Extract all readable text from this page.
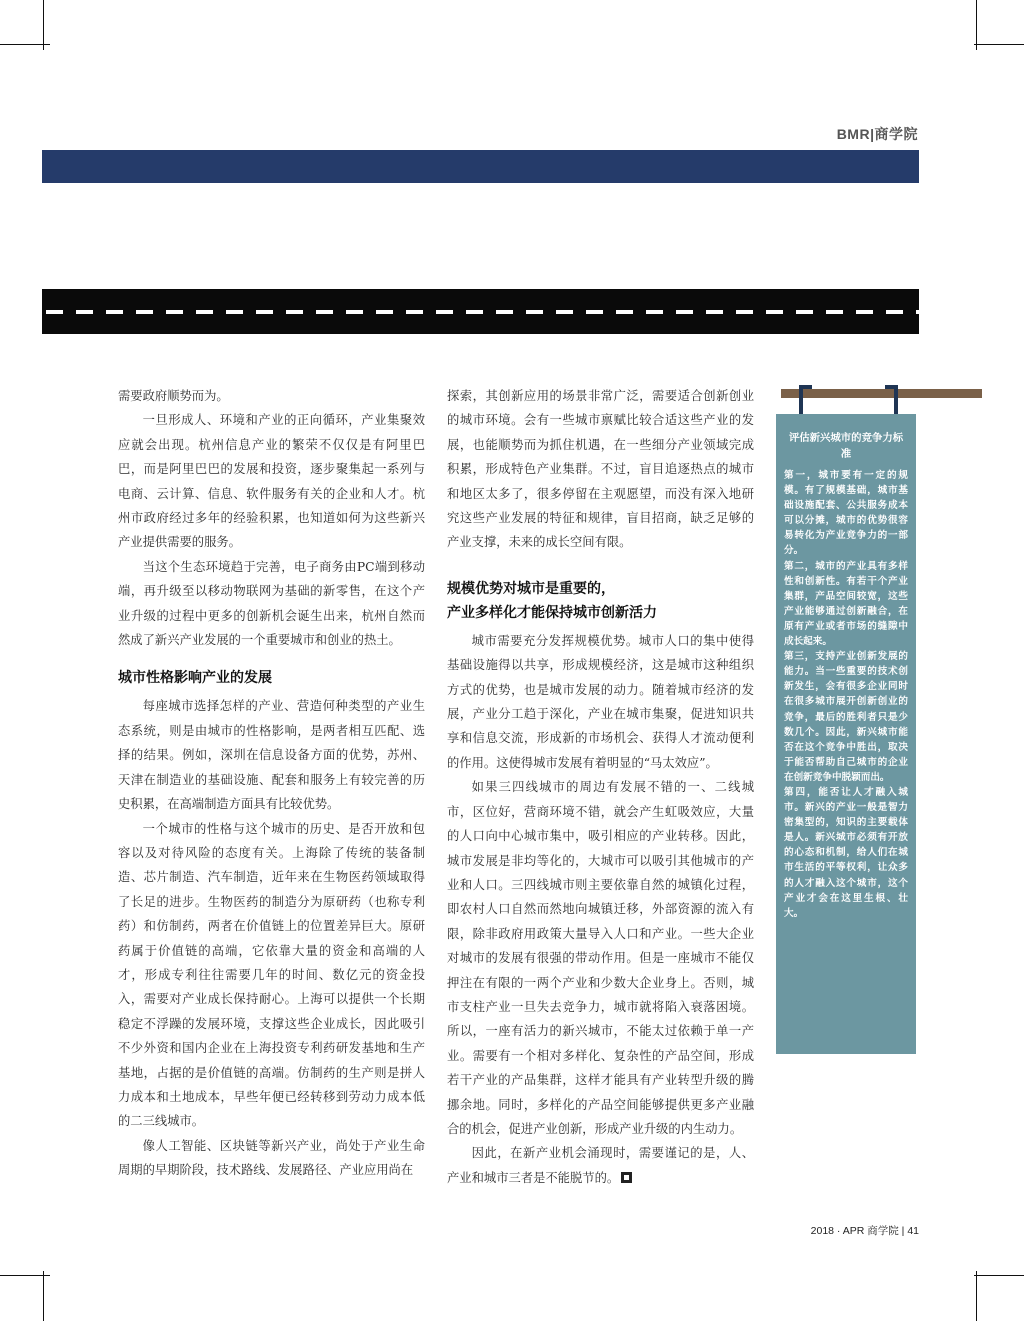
BMR|商学院

需要政府顺势而为。

一旦形成人、环境和产业的正向循环，产业集聚效应就会出现。杭州信息产业的繁荣不仅仅是有阿里巴巴，而是阿里巴巴的发展和投资，逐步聚集起一系列与电商、云计算、信息、软件服务有关的企业和人才。杭州市政府经过多年的经验积累，也知道如何为这些新兴产业提供需要的服务。

当这个生态环境趋于完善，电子商务由PC端到移动端，再升级至以移动物联网为基础的新零售，在这个产业升级的过程中更多的创新机会诞生出来，杭州自然而然成了新兴产业发展的一个重要城市和创业的热土。

城市性格影响产业的发展

每座城市选择怎样的产业、营造何种类型的产业生态系统，则是由城市的性格影响，是两者相互匹配、选择的结果。例如，深圳在信息设备方面的优势，苏州、天津在制造业的基础设施、配套和服务上有较完善的历史积累，在高端制造方面具有比较优势。

一个城市的性格与这个城市的历史、是否开放和包容以及对待风险的态度有关。上海除了传统的装备制造、芯片制造、汽车制造，近年来在生物医药领域取得了长足的进步。生物医药的制造分为原研药（也称专利药）和仿制药，两者在价值链上的位置差异巨大。原研药属于价值链的高端，它依靠大量的资金和高端的人才，形成专利往往需要几年的时间、数亿元的资金投入，需要对产业成长保持耐心。上海可以提供一个长期稳定不浮躁的发展环境，支撑这些企业成长，因此吸引不少外资和国内企业在上海投资专利药研发基地和生产基地，占据的是价值链的高端。仿制药的生产则是拼人力成本和土地成本，早些年便已经转移到劳动力成本低的二三线城市。

像人工智能、区块链等新兴产业，尚处于产业生命周期的早期阶段，技术路线、发展路径、产业应用尚在

探索，其创新应用的场景非常广泛，需要适合创新创业的城市环境。会有一些城市禀赋比较合适这些产业的发展，也能顺势而为抓住机遇，在一些细分产业领域完成积累，形成特色产业集群。不过，盲目追逐热点的城市和地区太多了，很多停留在主观愿望，而没有深入地研究这些产业发展的特征和规律，盲目招商，缺乏足够的产业支撑，未来的成长空间有限。

规模优势对城市是重要的，
产业多样化才能保持城市创新活力

城市需要充分发挥规模优势。城市人口的集中使得基础设施得以共享，形成规模经济，这是城市这种组织方式的优势，也是城市发展的动力。随着城市经济的发展，产业分工趋于深化，产业在城市集聚，促进知识共享和信息交流，形成新的市场机会、获得人才流动便利的作用。这使得城市发展有着明显的“马太效应”。

如果三四线城市的周边有发展不错的一、二线城市，区位好，营商环境不错，就会产生虹吸效应，大量的人口向中心城市集中，吸引相应的产业转移。因此，城市发展是非均等化的，大城市可以吸引其他城市的产业和人口。三四线城市则主要依靠自然的城镇化过程，即农村人口自然而然地向城镇迁移，外部资源的流入有限，除非政府用政策大量导入人口和产业。一些大企业对城市的发展有很强的带动作用。但是一座城市不能仅押注在有限的一两个产业和少数大企业身上。否则，城市支柱产业一旦失去竞争力，城市就将陷入衰落困境。所以，一座有活力的新兴城市，不能太过依赖于单一产业。需要有一个相对多样化、复杂性的产品空间，形成若干产业的产品集群，这样才能具有产业转型升级的腾挪余地。同时，多样化的产品空间能够提供更多产业融合的机会，促进产业创新，形成产业升级的内生动力。

因此，在新产业机会涌现时，需要谨记的是，人、产业和城市三者是不能脱节的。

评估新兴城市的竞争力标准

第一，城市要有一定的规模。有了规模基础，城市基础设施配套、公共服务成本可以分摊，城市的优势很容易转化为产业竞争力的一部分。

第二，城市的产业具有多样性和创新性。有若干个产业集群，产品空间较宽，这些产业能够通过创新融合，在原有产业或者市场的缝隙中成长起来。

第三，支持产业创新发展的能力。当一些重要的技术创新发生，会有很多企业同时在很多城市展开创新创业的竞争，最后的胜利者只是少数几个。因此，新兴城市能否在这个竞争中胜出，取决于能否帮助自己城市的企业在创新竞争中脱颖而出。

第四，能否让人才融入城市。新兴的产业一般是智力密集型的，知识的主要载体是人。新兴城市必须有开放的心态和机制，给人们在城市生活的平等权利，让众多的人才融入这个城市，这个产业才会在这里生根、壮大。

2018 · APR 商学院 | 41
